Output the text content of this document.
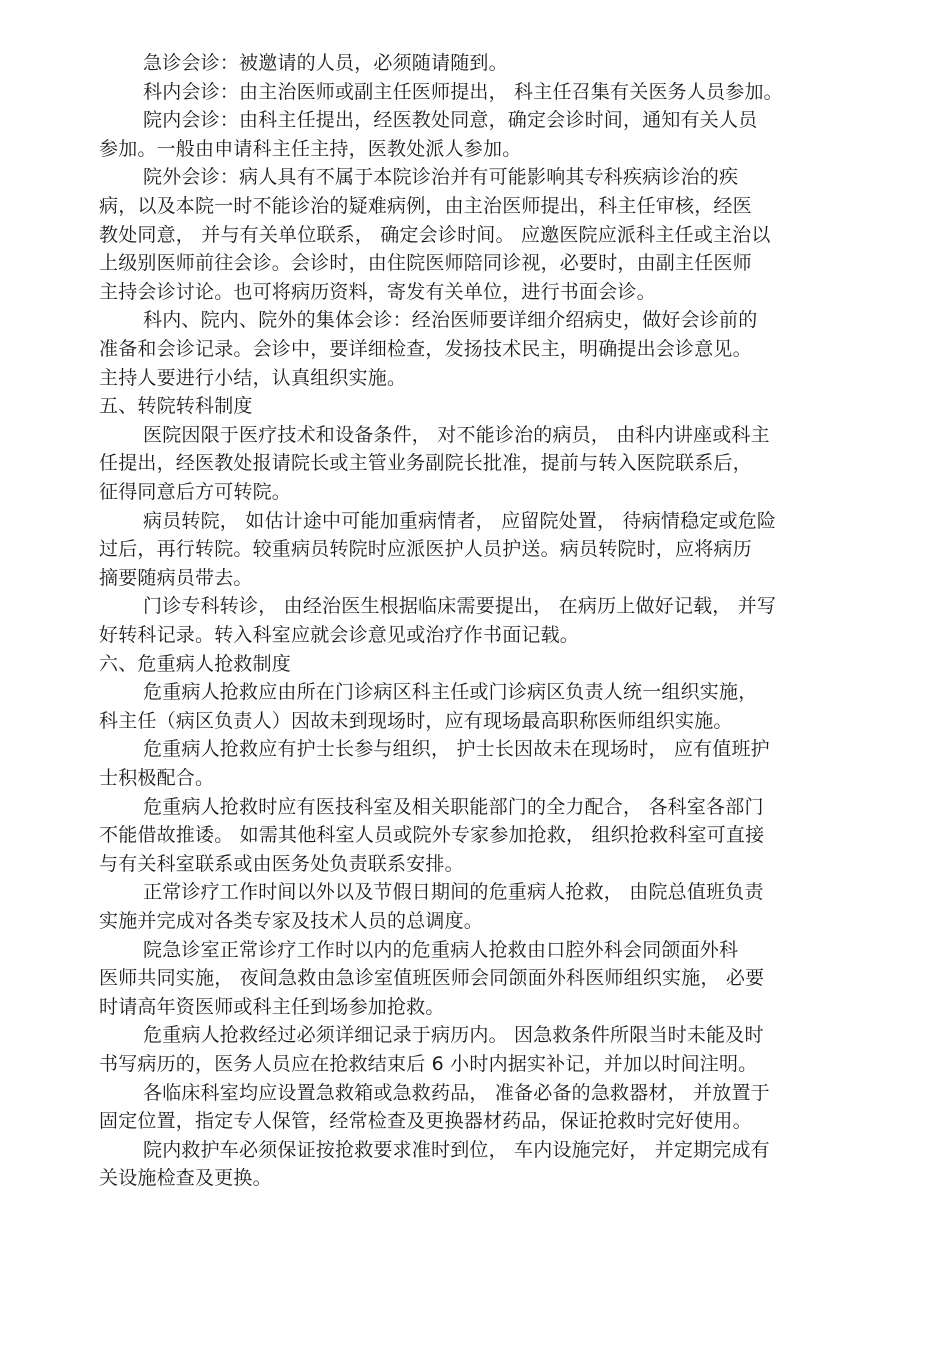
急诊会诊：被邀请的人员，必须随请随到。
科内会诊：由主治医师或副主任医师提出， 科主任召集有关医务人员参加。
院内会诊：由科主任提出，经医教处同意，确定会诊时间，通知有关人员
参加。一般由申请科主任主持，医教处派人参加。
院外会诊：病人具有不属于本院诊治并有可能影响其专科疾病诊治的疾
病，以及本院一时不能诊治的疑难病例，由主治医师提出，科主任审核，经医
教处同意， 并与有关单位联系， 确定会诊时间。 应邀医院应派科主任或主治以
上级别医师前往会诊。会诊时，由住院医师陪同诊视，必要时，由副主任医师
主持会诊讨论。也可将病历资料，寄发有关单位，进行书面会诊。
科内、院内、院外的集体会诊：经治医师要详细介绍病史，做好会诊前的
准备和会诊记录。会诊中，要详细检查，发扬技术民主，明确提出会诊意见。
主持人要进行小结，认真组织实施。
五、转院转科制度
医院因限于医疗技术和设备条件， 对不能诊治的病员， 由科内讲座或科主
任提出，经医教处报请院长或主管业务副院长批准，提前与转入医院联系后，
征得同意后方可转院。
病员转院， 如估计途中可能加重病情者， 应留院处置， 待病情稳定或危险
过后，再行转院。较重病员转院时应派医护人员护送。病员转院时，应将病历
摘要随病员带去。
门诊专科转诊， 由经治医生根据临床需要提出， 在病历上做好记载， 并写
好转科记录。转入科室应就会诊意见或治疗作书面记载。
六、危重病人抢救制度
危重病人抢救应由所在门诊病区科主任或门诊病区负责人统一组织实施，
科主任（病区负责人）因故未到现场时，应有现场最高职称医师组织实施。
危重病人抢救应有护士长参与组织， 护士长因故未在现场时， 应有值班护
士积极配合。
危重病人抢救时应有医技科室及相关职能部门的全力配合， 各科室各部门
不能借故推诿。 如需其他科室人员或院外专家参加抢救， 组织抢救科室可直接
与有关科室联系或由医务处负责联系安排。
正常诊疗工作时间以外以及节假日期间的危重病人抢救， 由院总值班负责
实施并完成对各类专家及技术人员的总调度。
院急诊室正常诊疗工作时以内的危重病人抢救由口腔外科会同颌面外科
医师共同实施， 夜间急救由急诊室值班医师会同颌面外科医师组织实施， 必要
时请高年资医师或科主任到场参加抢救。
危重病人抢救经过必须详细记录于病历内。 因急救条件所限当时未能及时
书写病历的，医务人员应在抢救结束后 6 小时内据实补记，并加以时间注明。
各临床科室均应设置急救箱或急救药品， 准备必备的急救器材， 并放置于
固定位置，指定专人保管，经常检查及更换器材药品，保证抢救时完好使用。
院内救护车必须保证按抢救要求准时到位， 车内设施完好， 并定期完成有
关设施检查及更换。
